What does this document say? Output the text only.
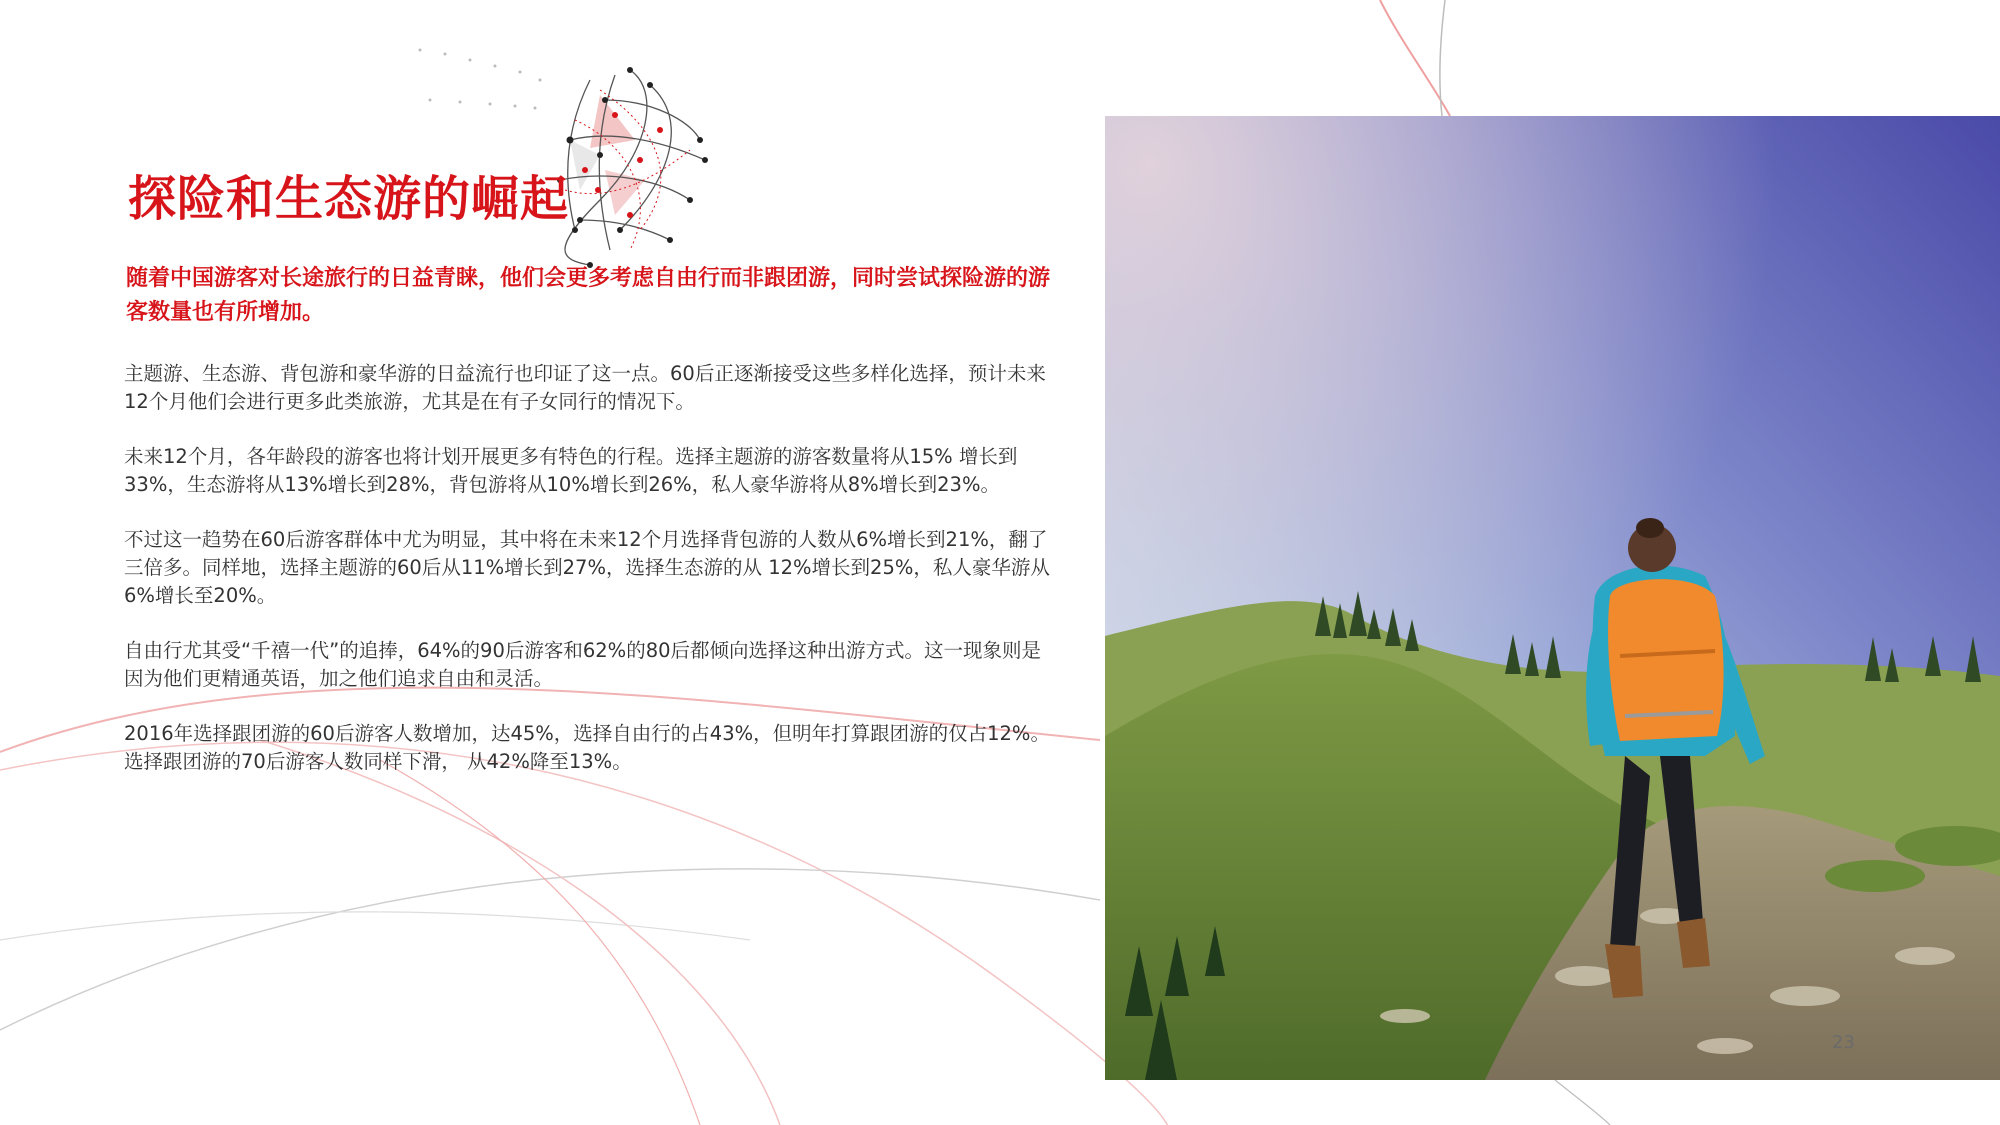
探险和生态游的崛起

随着中国游客对长途旅行的日益青睐，他们会更多考虑自由行而非跟团游，同时尝试探险游的游客数量也有所增加。

主题游、生态游、背包游和豪华游的日益流行也印证了这一点。60后正逐渐接受这些多样化选择，预计未来12个月他们会进行更多此类旅游，尤其是在有子女同行的情况下。

未来12个月，各年龄段的游客也将计划开展更多有特色的行程。选择主题游的游客数量将从15% 增长到33%，生态游将从13%增长到28%，背包游将从10%增长到26%，私人豪华游将从8%增长到23%。

不过这一趋势在60后游客群体中尤为明显，其中将在未来12个月选择背包游的人数从6%增长到21%，翻了三倍多。同样地，选择主题游的60后从11%增长到27%，选择生态游的从 12%增长到25%，私人豪华游从6%增长至20%。

自由行尤其受“千禧一代”的追捧，64%的90后游客和62%的80后都倾向选择这种出游方式。这一现象则是因为他们更精通英语，加之他们追求自由和灵活。

2016年选择跟团游的60后游客人数增加，达45%，选择自由行的占43%，但明年打算跟团游的仅占12%。选择跟团游的70后游客人数同样下滑， 从42%降至13%。

23
